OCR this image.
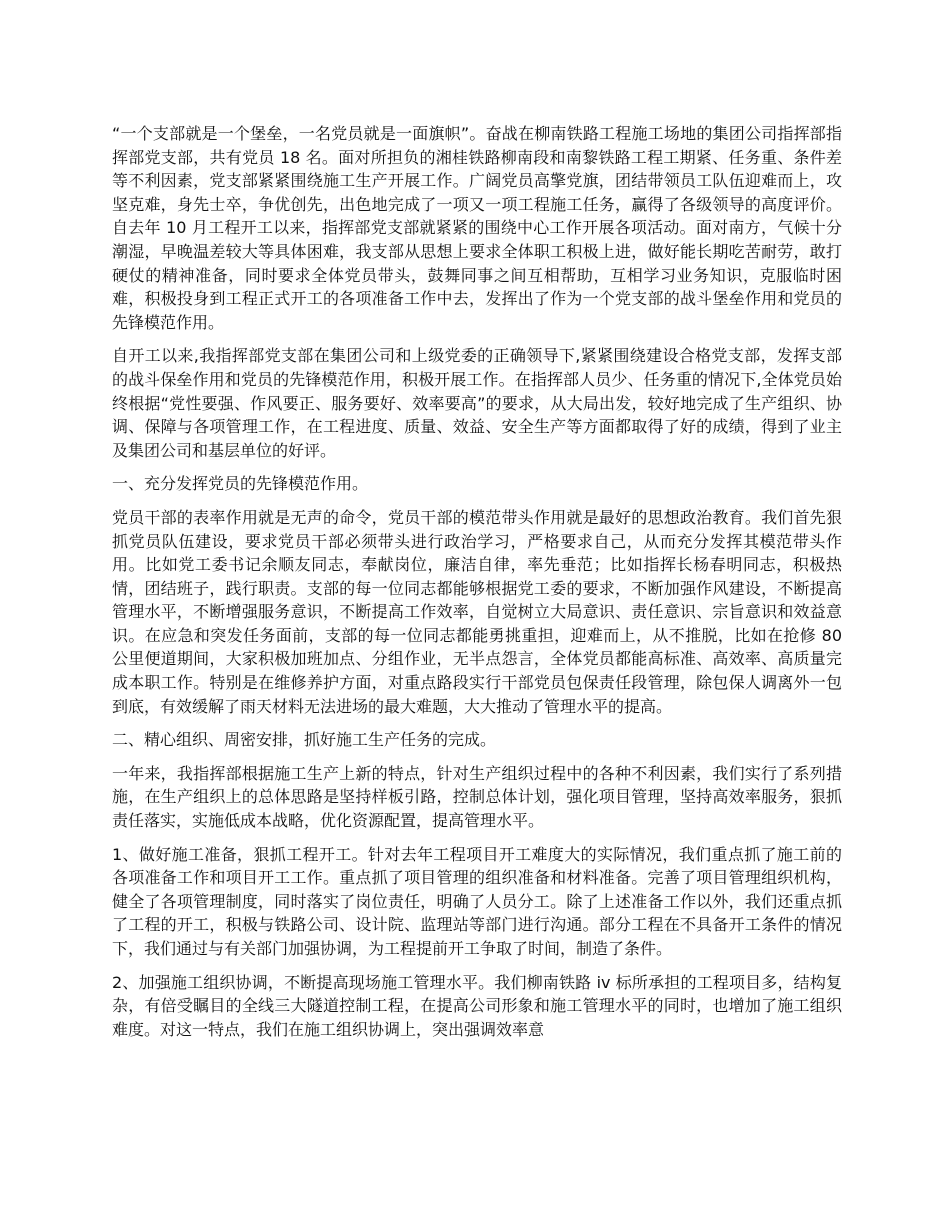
“一个支部就是一个堡垒，一名党员就是一面旗帜”。奋战在柳南铁路工程施工场地的集团公司指挥部指挥部党支部，共有党员 18 名。面对所担负的湘桂铁路柳南段和南黎铁路工程工期紧、任务重、条件差等不利因素，党支部紧紧围绕施工生产开展工作。广阔党员高擎党旗，团结带领员工队伍迎难而上，攻坚克难，身先士卒，争优创先，出色地完成了一项又一项工程施工任务，赢得了各级领导的高度评价。自去年 10 月工程开工以来，指挥部党支部就紧紧的围绕中心工作开展各项活动。面对南方，气候十分潮湿，早晚温差较大等具体困难，我支部从思想上要求全体职工积极上进，做好能长期吃苦耐劳，敢打硬仗的精神准备，同时要求全体党员带头，鼓舞同事之间互相帮助，互相学习业务知识，克服临时困难，积极投身到工程正式开工的各项准备工作中去，发挥出了作为一个党支部的战斗堡垒作用和党员的先锋模范作用。

自开工以来,我指挥部党支部在集团公司和上级党委的正确领导下,紧紧围绕建设合格党支部，发挥支部的战斗保垒作用和党员的先锋模范作用，积极开展工作。在指挥部人员少、任务重的情况下,全体党员始终根据“党性要强、作风要正、服务要好、效率要高”的要求，从大局出发，较好地完成了生产组织、协调、保障与各项管理工作，在工程进度、质量、效益、安全生产等方面都取得了好的成绩，得到了业主及集团公司和基层单位的好评。

一、充分发挥党员的先锋模范作用。

党员干部的表率作用就是无声的命令，党员干部的模范带头作用就是最好的思想政治教育。我们首先狠抓党员队伍建设，要求党员干部必须带头进行政治学习，严格要求自己，从而充分发挥其模范带头作用。比如党工委书记余顺友同志，奉献岗位，廉洁自律，率先垂范；比如指挥长杨春明同志，积极热情，团结班子，践行职责。支部的每一位同志都能够根据党工委的要求，不断加强作风建设，不断提高管理水平，不断增强服务意识，不断提高工作效率，自觉树立大局意识、责任意识、宗旨意识和效益意识。在应急和突发任务面前，支部的每一位同志都能勇挑重担，迎难而上，从不推脱，比如在抢修 80 公里便道期间，大家积极加班加点、分组作业，无半点怨言，全体党员都能高标准、高效率、高质量完成本职工作。特别是在维修养护方面，对重点路段实行干部党员包保责任段管理，除包保人调离外一包到底，有效缓解了雨天材料无法进场的最大难题，大大推动了管理水平的提高。

二、精心组织、周密安排，抓好施工生产任务的完成。

一年来，我指挥部根据施工生产上新的特点，针对生产组织过程中的各种不利因素，我们实行了系列措施，在生产组织上的总体思路是坚持样板引路，控制总体计划，强化项目管理，坚持高效率服务，狠抓责任落实，实施低成本战略，优化资源配置，提高管理水平。

1、做好施工准备，狠抓工程开工。针对去年工程项目开工难度大的实际情况，我们重点抓了施工前的各项准备工作和项目开工工作。重点抓了项目管理的组织准备和材料准备。完善了项目管理组织机构，健全了各项管理制度，同时落实了岗位责任，明确了人员分工。除了上述准备工作以外，我们还重点抓了工程的开工，积极与铁路公司、设计院、监理站等部门进行沟通。部分工程在不具备开工条件的情况下，我们通过与有关部门加强协调，为工程提前开工争取了时间，制造了条件。

2、加强施工组织协调，不断提高现场施工管理水平。我们柳南铁路 iv 标所承担的工程项目多，结构复杂，有倍受瞩目的全线三大隧道控制工程，在提高公司形象和施工管理水平的同时，也增加了施工组织难度。对这一特点，我们在施工组织协调上，突出强调效率意
